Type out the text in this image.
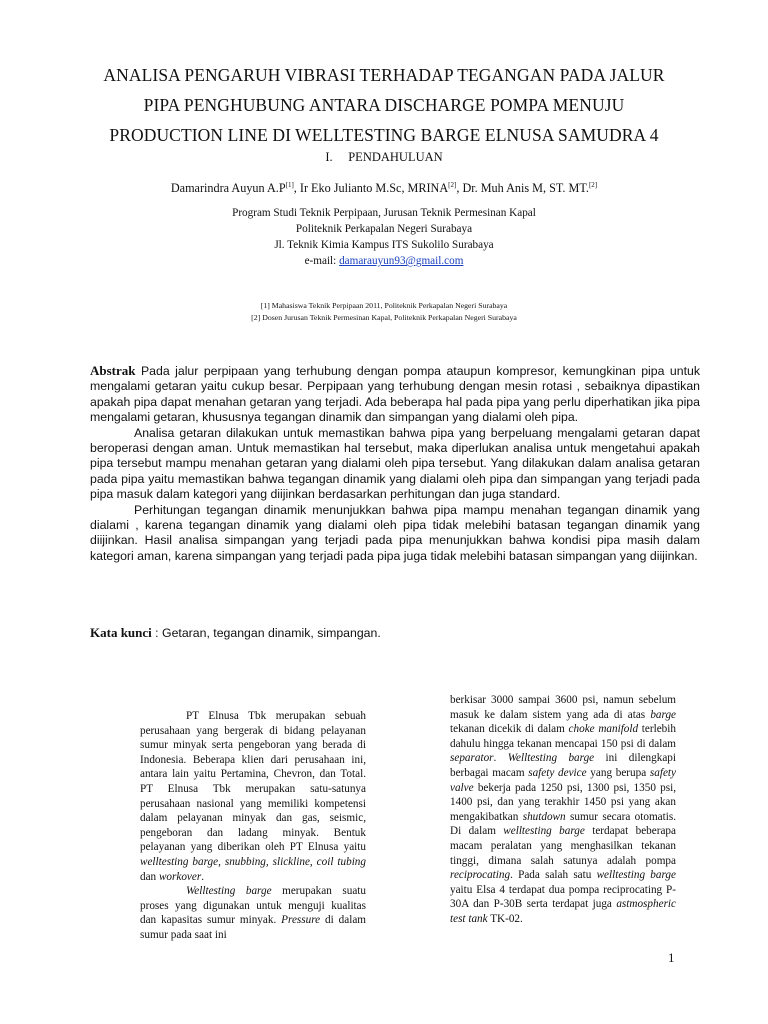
ANALISA PENGARUH VIBRASI TERHADAP TEGANGAN PADA JALUR
PIPA PENGHUBUNG ANTARA DISCHARGE POMPA MENUJU
PRODUCTION LINE DI WELLTESTING BARGE ELNUSA SAMUDRA 4
I.     PENDAHULUAN
Damarindra Auyun A.P[1], Ir Eko Julianto M.Sc, MRINA[2], Dr. Muh Anis M, ST. MT.[2]
Program Studi Teknik Perpipaan, Jurusan Teknik Permesinan Kapal
Politeknik Perkapalan Negeri Surabaya
Jl. Teknik Kimia Kampus ITS Sukolilo Surabaya
e-mail: damarauyun93@gmail.com
[1] Mahasiswa Teknik Perpipaan 2011, Politeknik Perkapalan Negeri Surabaya
[2] Dosen Jurusan Teknik Permesinan Kapal, Politeknik Perkapalan Negeri Surabaya

Abstrak Pada jalur perpipaan yang terhubung dengan pompa ataupun kompresor, kemungkinan pipa untuk mengalami getaran yaitu cukup besar. Perpipaan yang terhubung dengan mesin rotasi , sebaiknya dipastikan apakah pipa dapat menahan getaran yang terjadi. Ada beberapa hal pada pipa yang perlu diperhatikan jika pipa mengalami getaran, khususnya tegangan dinamik dan simpangan yang dialami oleh pipa.

Analisa getaran dilakukan untuk memastikan bahwa pipa yang berpeluang mengalami getaran dapat beroperasi dengan aman. Untuk memastikan hal tersebut, maka diperlukan analisa untuk mengetahui apakah pipa tersebut mampu menahan getaran yang dialami oleh pipa tersebut. Yang dilakukan dalam analisa getaran pada pipa yaitu memastikan bahwa tegangan dinamik yang dialami oleh pipa dan simpangan yang terjadi pada pipa masuk dalam kategori yang diijinkan berdasarkan perhitungan dan juga standard.

Perhitungan tegangan dinamik menunjukkan bahwa pipa mampu menahan tegangan dinamik yang dialami , karena tegangan dinamik yang dialami oleh pipa tidak melebihi batasan tegangan dinamik yang diijinkan. Hasil analisa simpangan yang terjadi pada pipa menunjukkan bahwa kondisi pipa masih dalam kategori aman, karena simpangan yang terjadi pada pipa juga tidak melebihi batasan simpangan yang diijinkan.

Kata kunci : Getaran, tegangan dinamik, simpangan.

PT Elnusa Tbk merupakan sebuah perusahaan yang bergerak di bidang pelayanan sumur minyak serta pengeboran yang berada di Indonesia. Beberapa klien dari perusahaan ini, antara lain yaitu Pertamina, Chevron, dan Total. PT Elnusa Tbk merupakan satu-satunya perusahaan nasional yang memiliki kompetensi dalam pelayanan minyak dan gas, seismic, pengeboran dan ladang minyak. Bentuk pelayanan yang diberikan oleh PT Elnusa yaitu welltesting barge, snubbing, slickline, coil tubing dan workover.

Welltesting barge merupakan suatu proses yang digunakan untuk menguji kualitas dan kapasitas sumur minyak. Pressure di dalam sumur pada saat ini

berkisar 3000 sampai 3600 psi, namun sebelum masuk ke dalam sistem yang ada di atas barge tekanan dicekik di dalam choke manifold terlebih dahulu hingga tekanan mencapai 150 psi di dalam separator. Welltesting barge ini dilengkapi berbagai macam safety device yang berupa safety valve bekerja pada 1250 psi, 1300 psi, 1350 psi, 1400 psi, dan yang terakhir 1450 psi yang akan mengakibatkan shutdown sumur secara otomatis. Di dalam welltesting barge terdapat beberapa macam peralatan yang menghasilkan tekanan tinggi, dimana salah satunya adalah pompa reciprocating. Pada salah satu welltesting barge yaitu Elsa 4 terdapat dua pompa reciprocating P-30A dan P-30B serta terdapat juga astmospheric test tank TK-02.

1
